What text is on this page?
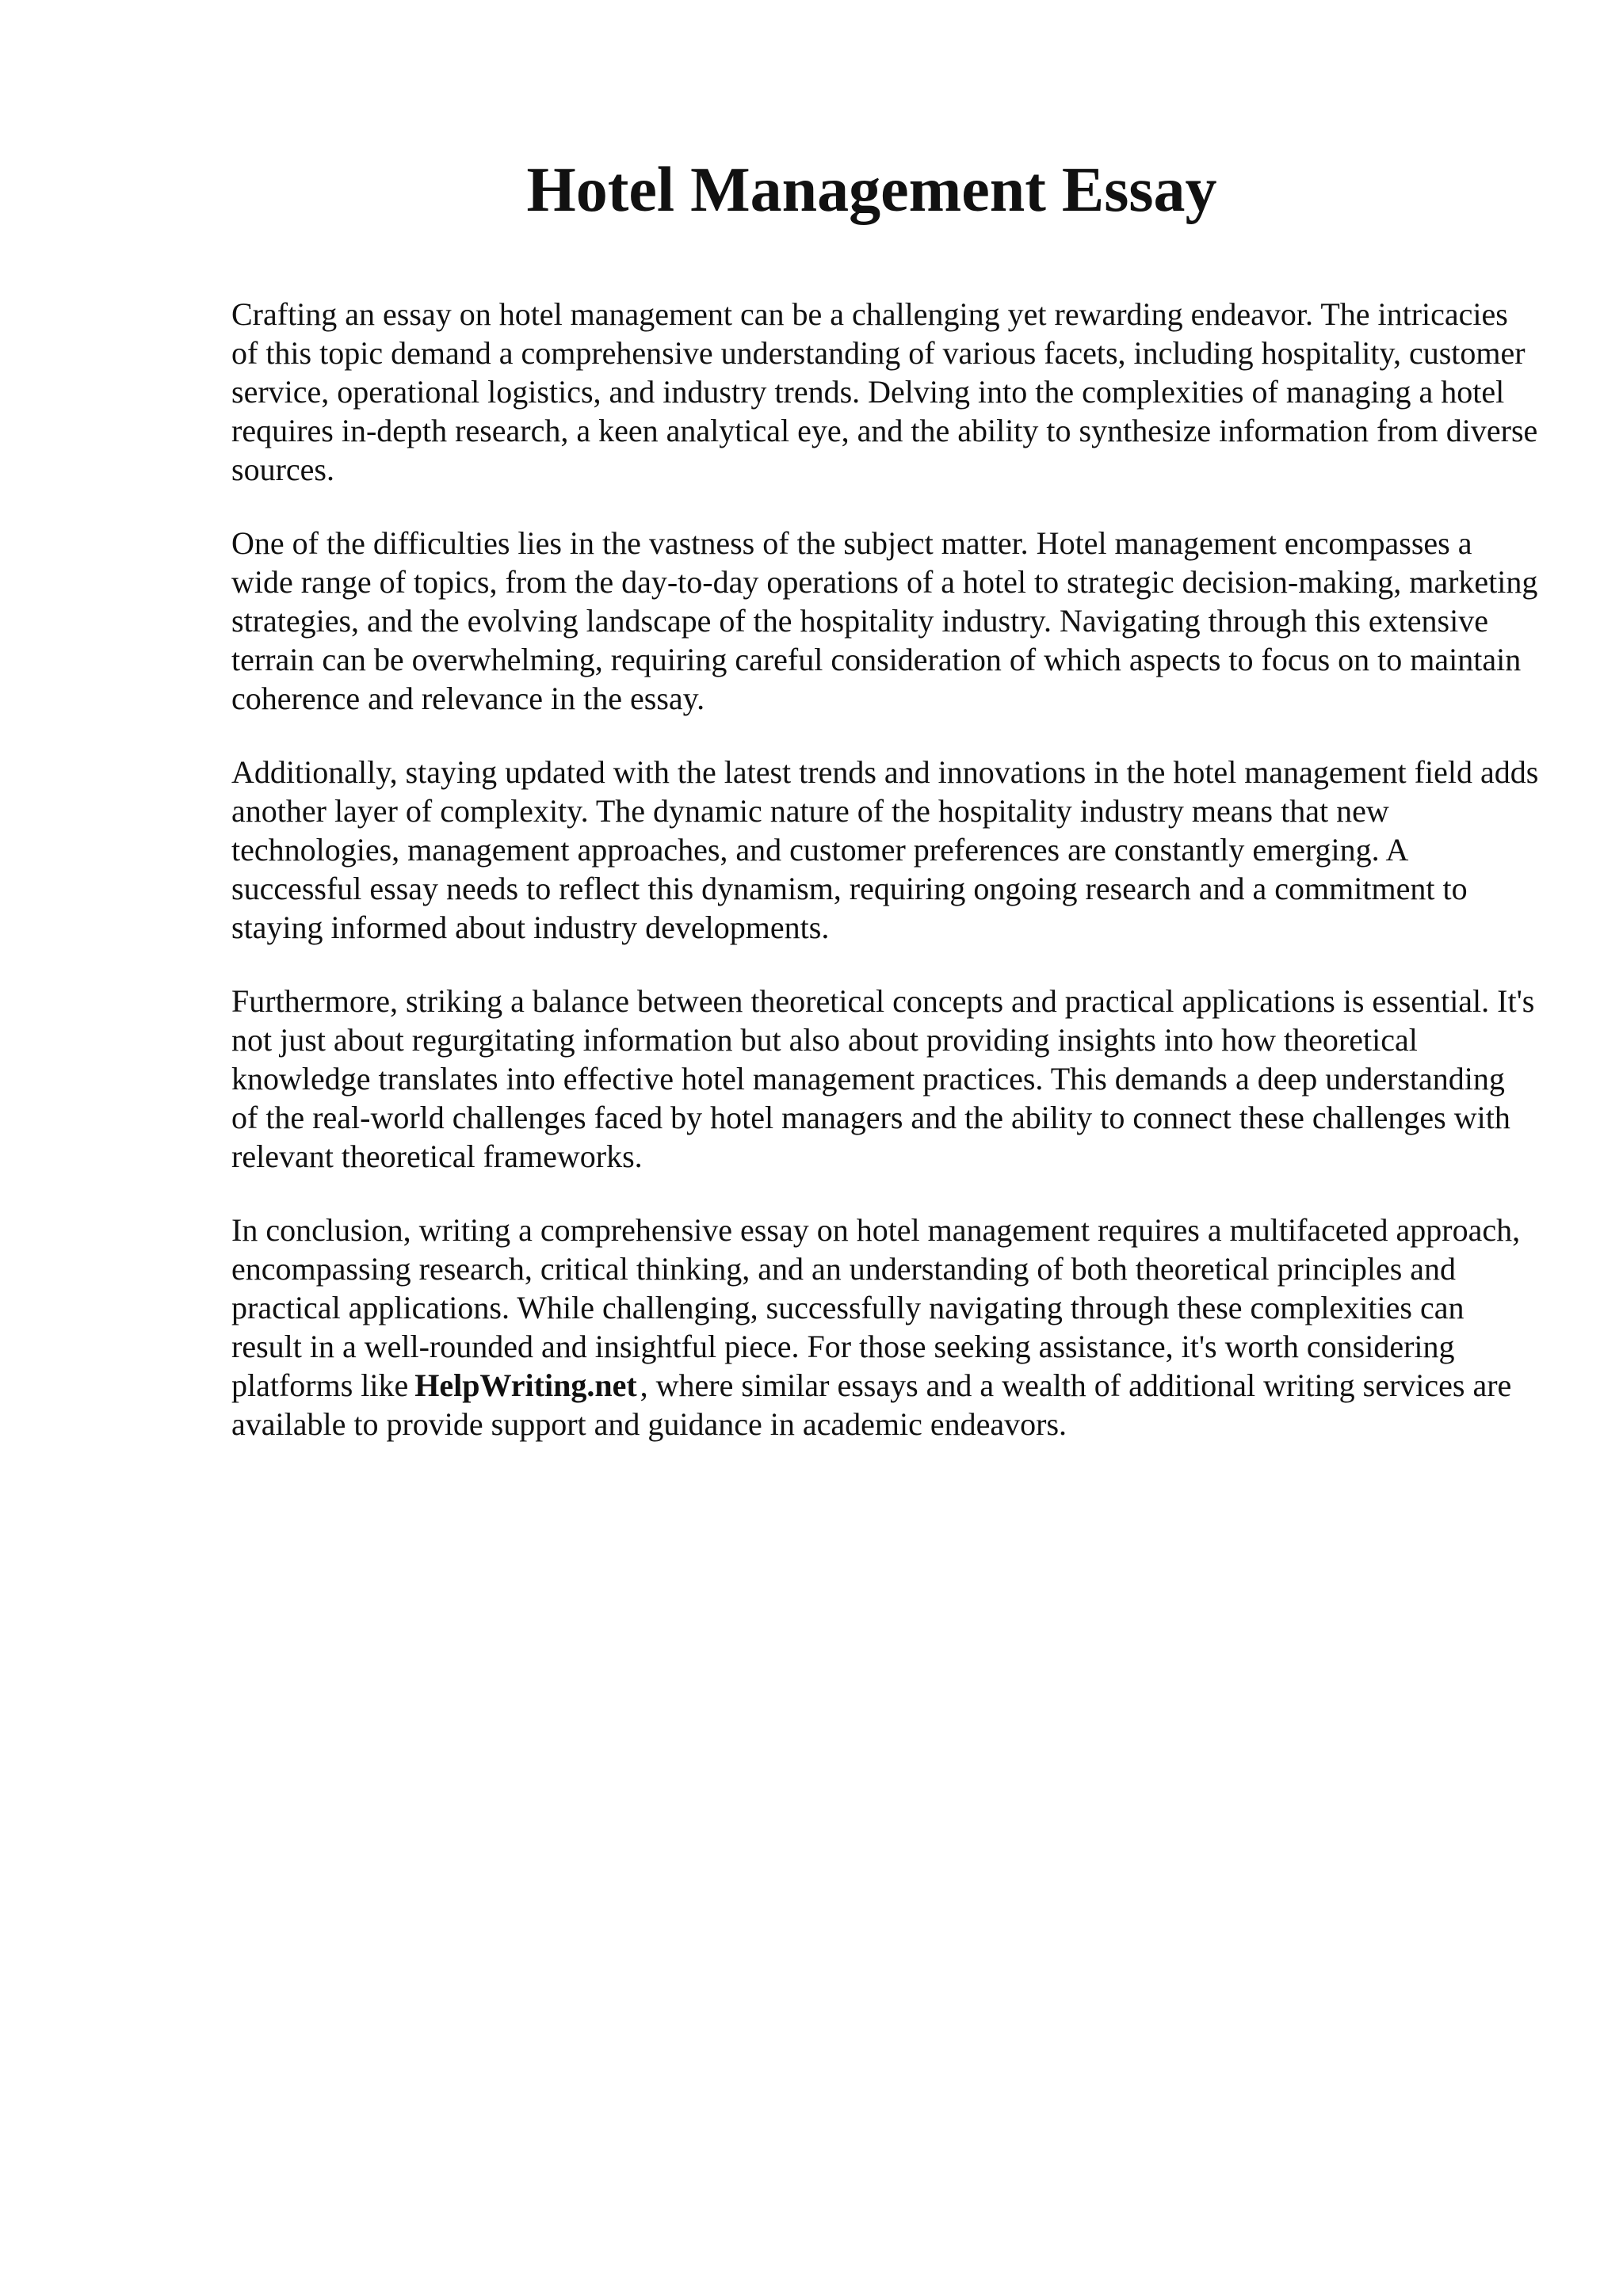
Hotel Management Essay

Crafting an essay on hotel management can be a challenging yet rewarding endeavor. The intricacies of this topic demand a comprehensive understanding of various facets, including hospitality, customer service, operational logistics, and industry trends. Delving into the complexities of managing a hotel requires in-depth research, a keen analytical eye, and the ability to synthesize information from diverse sources.

One of the difficulties lies in the vastness of the subject matter. Hotel management encompasses a wide range of topics, from the day-to-day operations of a hotel to strategic decision-making, marketing strategies, and the evolving landscape of the hospitality industry. Navigating through this extensive terrain can be overwhelming, requiring careful consideration of which aspects to focus on to maintain coherence and relevance in the essay.

Additionally, staying updated with the latest trends and innovations in the hotel management field adds another layer of complexity. The dynamic nature of the hospitality industry means that new technologies, management approaches, and customer preferences are constantly emerging. A successful essay needs to reflect this dynamism, requiring ongoing research and a commitment to staying informed about industry developments.

Furthermore, striking a balance between theoretical concepts and practical applications is essential. It's not just about regurgitating information but also about providing insights into how theoretical knowledge translates into effective hotel management practices. This demands a deep understanding of the real-world challenges faced by hotel managers and the ability to connect these challenges with relevant theoretical frameworks.

In conclusion, writing a comprehensive essay on hotel management requires a multifaceted approach, encompassing research, critical thinking, and an understanding of both theoretical principles and practical applications. While challenging, successfully navigating through these complexities can result in a well-rounded and insightful piece. For those seeking assistance, it's worth considering platforms like HelpWriting.net , where similar essays and a wealth of additional writing services are available to provide support and guidance in academic endeavors.
